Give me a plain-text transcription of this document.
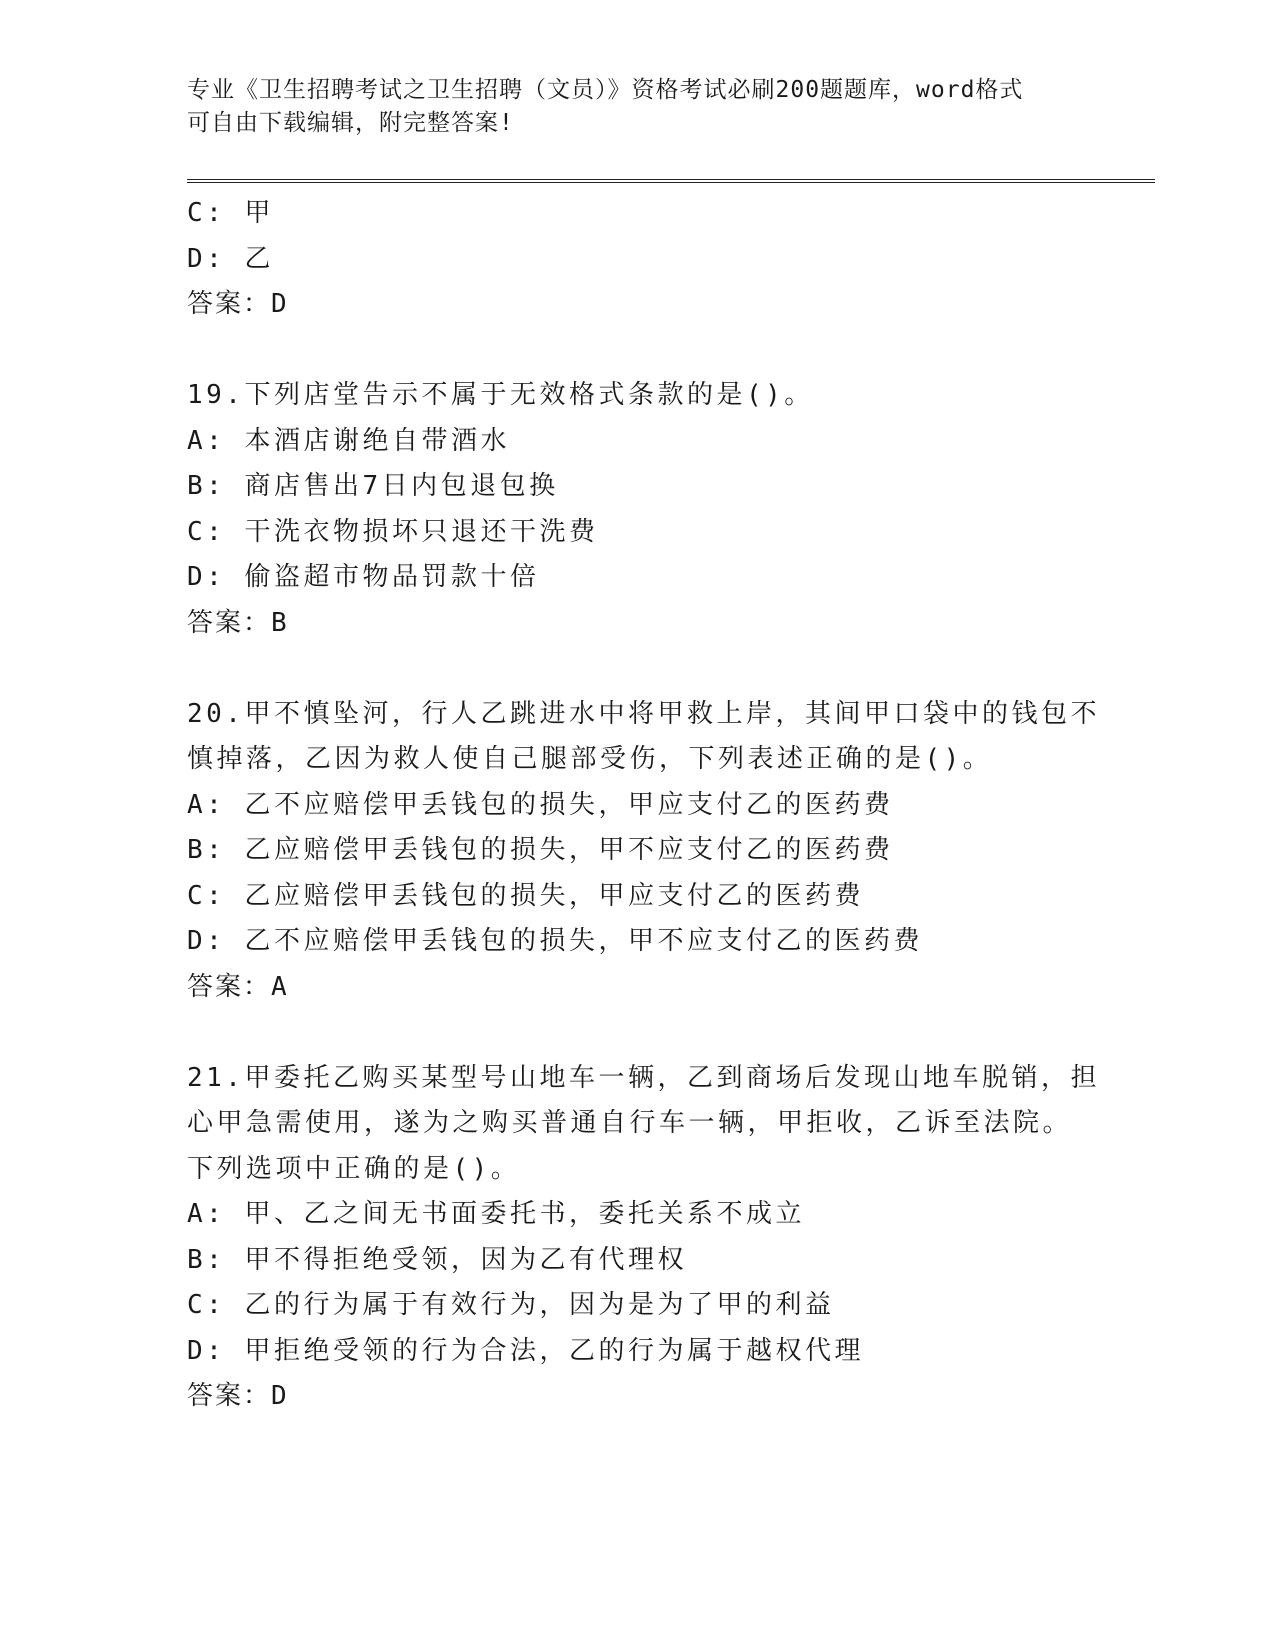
专业《卫生招聘考试之卫生招聘（文员）》资格考试必刷200题题库，word格式
可自由下载编辑，附完整答案!
C: 甲
D: 乙
答案：D
19.下列店堂告示不属于无效格式条款的是()。
A: 本酒店谢绝自带酒水
B: 商店售出7日内包退包换
C: 干洗衣物损坏只退还干洗费
D: 偷盗超市物品罚款十倍
答案：B
20.甲不慎坠河，行人乙跳进水中将甲救上岸，其间甲口袋中的钱包不
慎掉落，乙因为救人使自己腿部受伤，下列表述正确的是()。
A: 乙不应赔偿甲丢钱包的损失，甲应支付乙的医药费
B: 乙应赔偿甲丢钱包的损失，甲不应支付乙的医药费
C: 乙应赔偿甲丢钱包的损失，甲应支付乙的医药费
D: 乙不应赔偿甲丢钱包的损失，甲不应支付乙的医药费
答案：A
21.甲委托乙购买某型号山地车一辆，乙到商场后发现山地车脱销，担
心甲急需使用，遂为之购买普通自行车一辆，甲拒收，乙诉至法院。
下列选项中正确的是()。
A: 甲、乙之间无书面委托书，委托关系不成立
B: 甲不得拒绝受领，因为乙有代理权
C: 乙的行为属于有效行为，因为是为了甲的利益
D: 甲拒绝受领的行为合法，乙的行为属于越权代理
答案：D
